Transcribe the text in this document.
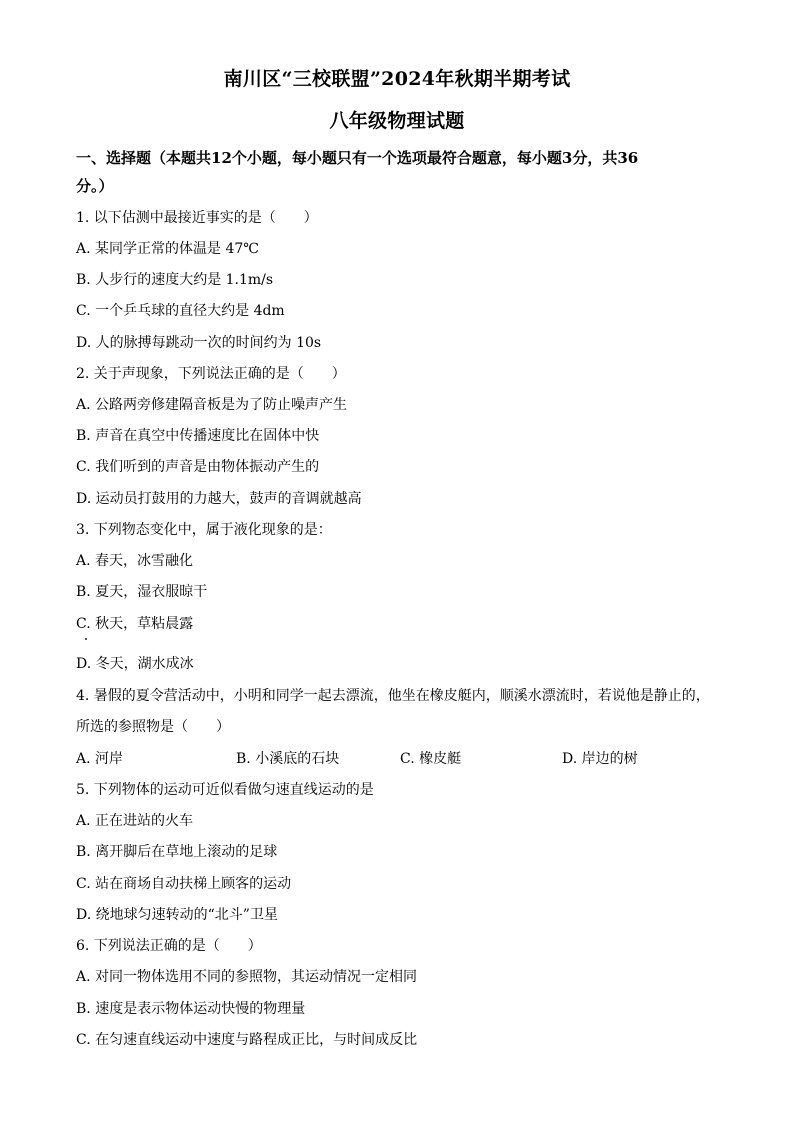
南川区“三校联盟”2024年秋期半期考试
八年级物理试题
一、选择题（本题共12个小题，每小题只有一个选项最符合题意，每小题3分，共36
分。）
1. 以下估测中最接近事实的是（　　）
A. 某同学正常的体温是 47℃
B. 人步行的速度大约是 1.1m/s
C. 一个乒乓球的直径大约是 4dm
D. 人的脉搏每跳动一次的时间约为 10s
2. 关于声现象，下列说法正确的是（　　）
A. 公路两旁修建隔音板是为了防止噪声产生
B. 声音在真空中传播速度比在固体中快
C. 我们听到的声音是由物体振动产生的
D. 运动员打鼓用的力越大，鼓声的音调就越高
3. 下列物态变化中，属于液化现象的是：
A. 春天，冰雪融化
B. 夏天，湿衣服晾干
C. 秋天，草粘晨露
D. 冬天，湖水成冰
4. 暑假的夏令营活动中，小明和同学一起去漂流，他坐在橡皮艇内，顺溪水漂流时，若说他是静止的，
所选的参照物是（　　）
A. 河岸	B. 小溪底的石块	C. 橡皮艇	D. 岸边的树
5. 下列物体的运动可近似看做匀速直线运动的是
A. 正在进站的火车
B. 离开脚后在草地上滚动的足球
C. 站在商场自动扶梯上顾客的运动
D. 绕地球匀速转动的“北斗”卫星
6. 下列说法正确的是（　　）
A. 对同一物体选用不同的参照物，其运动情况一定相同
B. 速度是表示物体运动快慢的物理量
C. 在匀速直线运动中速度与路程成正比，与时间成反比
